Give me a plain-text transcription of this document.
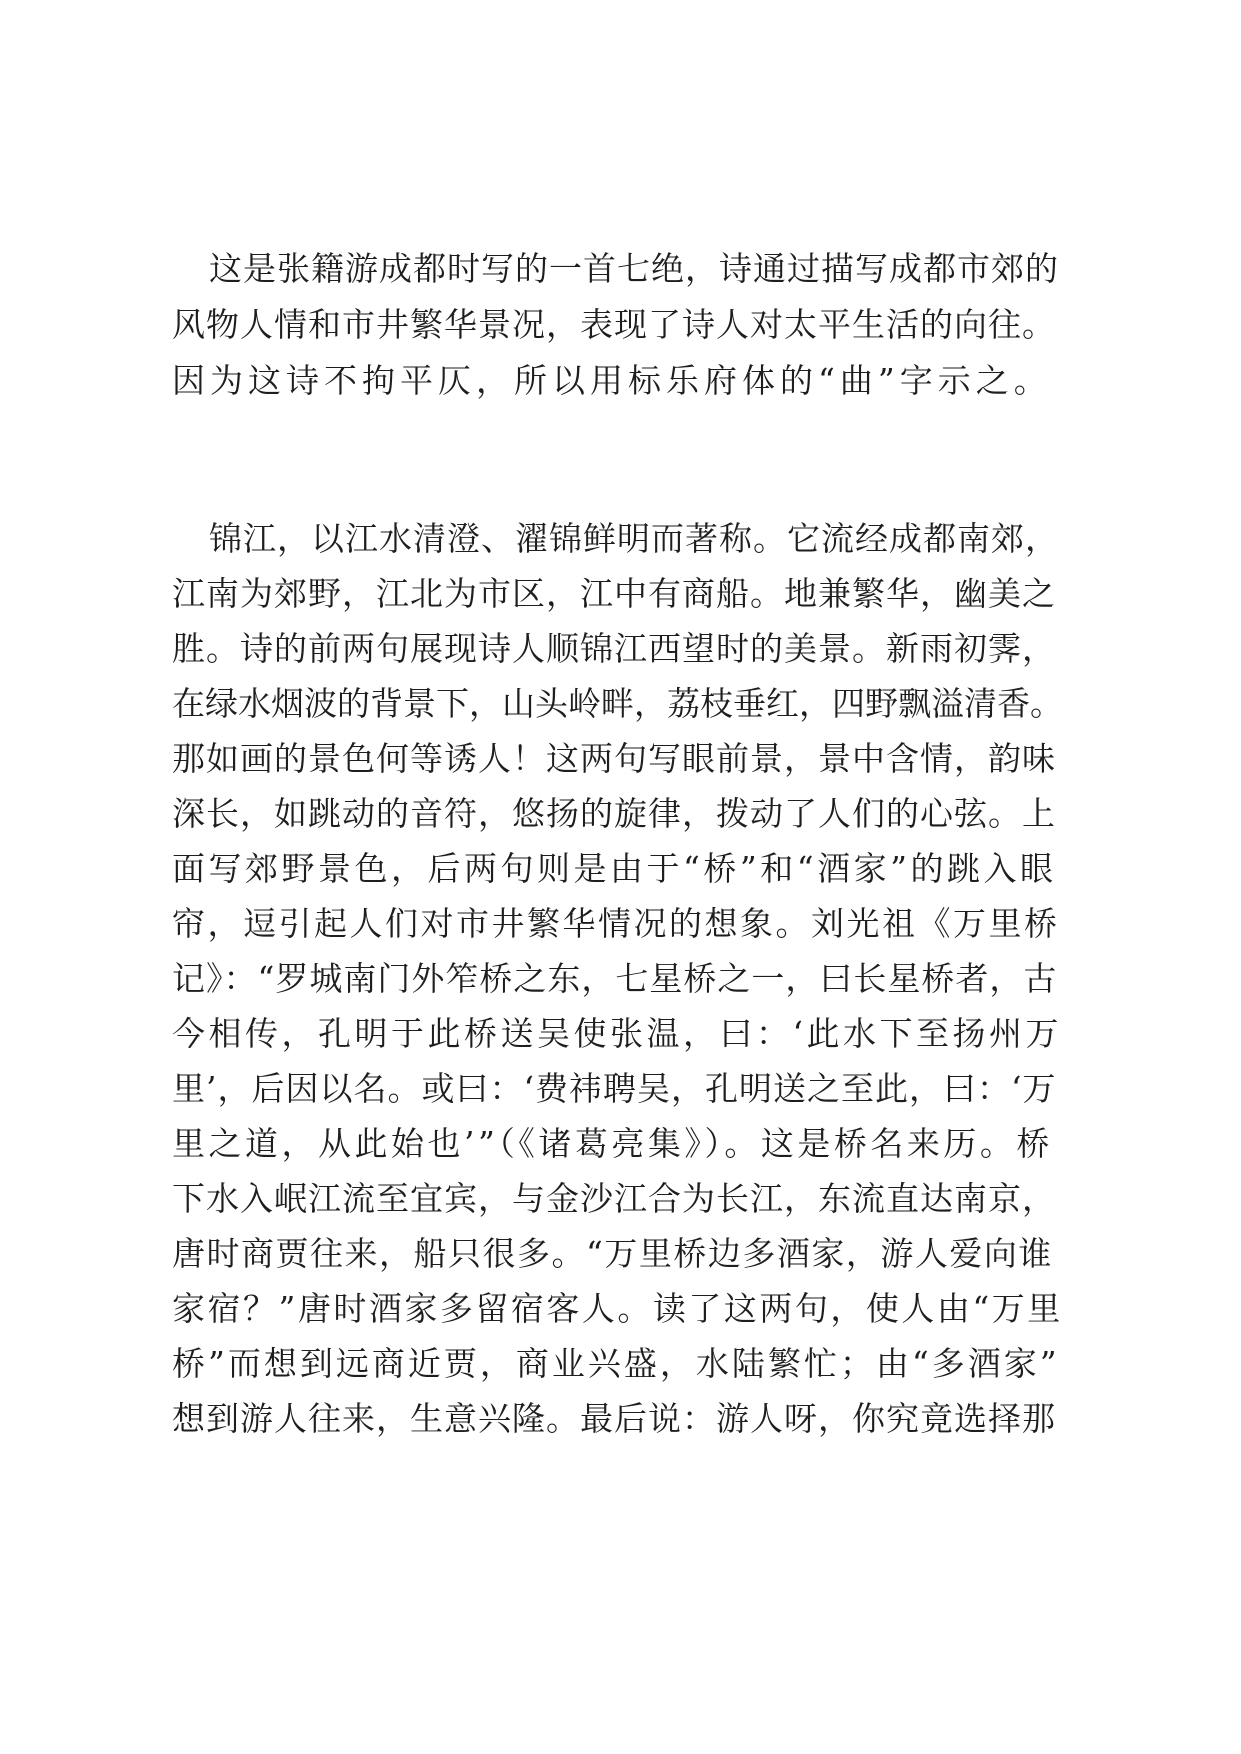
这是张籍游成都时写的一首七绝，诗通过描写成都市郊的
风物人情和市井繁华景况，表现了诗人对太平生活的向往。
因为这诗不拘平仄，所以用标乐府体的“曲”字示之。
锦江，以江水清澄、濯锦鲜明而著称。它流经成都南郊，
江南为郊野，江北为市区，江中有商船。地兼繁华，幽美之
胜。诗的前两句展现诗人顺锦江西望时的美景。新雨初霁，
在绿水烟波的背景下，山头岭畔，荔枝垂红，四野飘溢清香。
那如画的景色何等诱人！这两句写眼前景，景中含情，韵味
深长，如跳动的音符，悠扬的旋律，拨动了人们的心弦。上
面写郊野景色，后两句则是由于“桥”和“酒家”的跳入眼
帘，逗引起人们对市井繁华情况的想象。刘光祖《万里桥
记》：“罗城南门外笮桥之东，七星桥之一，曰长星桥者，古
今相传，孔明于此桥送吴使张温，曰：‘此水下至扬州万
里’，后因以名。或曰：‘费祎聘吴，孔明送之至此，曰：‘万
里之道，从此始也’”（《诸葛亮集》）。这是桥名来历。桥
下水入岷江流至宜宾，与金沙江合为长江，东流直达南京，
唐时商贾往来，船只很多。“万里桥边多酒家，游人爱向谁
家宿？”唐时酒家多留宿客人。读了这两句，使人由“万里
桥”而想到远商近贾，商业兴盛，水陆繁忙；由“多酒家”
想到游人往来，生意兴隆。最后说：游人呀，你究竟选择那
